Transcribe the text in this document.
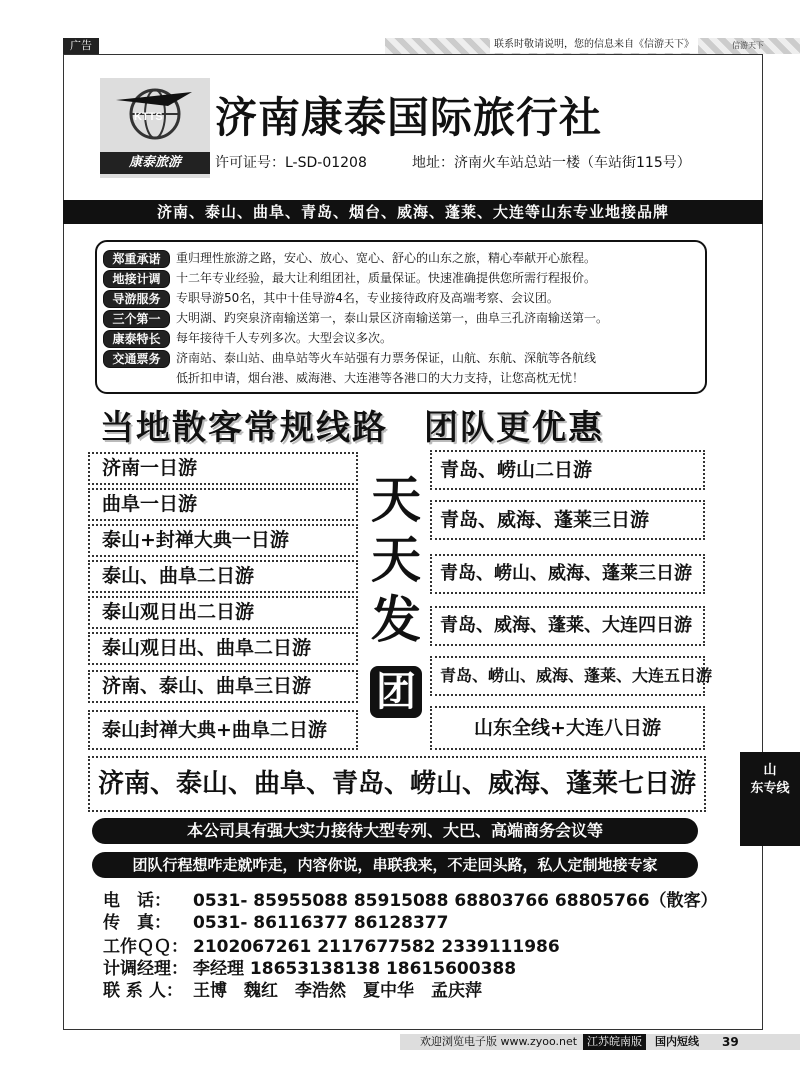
广告	联系时敬请说明，您的信息来自《信游天下》	信游天下
KTTS
康泰旅游
济南康泰国际旅行社
许可证号：L-SD-01208	地址：济南火车站总站一楼（车站街115号）
济南、泰山、曲阜、青岛、烟台、威海、蓬莱、大连等山东专业地接品牌
郑重承诺	重归理性旅游之路，安心、放心、宽心、舒心的山东之旅，精心奉献开心旅程。
地接计调	十二年专业经验，最大让利组团社，质量保证。快速准确提供您所需行程报价。
导游服务	专职导游50名，其中十佳导游4名，专业接待政府及高端考察、会议团。
三个第一	大明湖、趵突泉济南输送第一，泰山景区济南输送第一，曲阜三孔济南输送第一。
康泰特长	每年接待千人专列多次。大型会议多次。
交通票务	济南站、泰山站、曲阜站等火车站强有力票务保证，山航、东航、深航等各航线
低折扣申请，烟台港、威海港、大连港等各港口的大力支持，让您高枕无忧！
当地散客常规线路　团队更优惠
济南一日游
曲阜一日游
泰山+封禅大典一日游
泰山、曲阜二日游
泰山观日出二日游
泰山观日出、曲阜二日游
济南、泰山、曲阜三日游
泰山封禅大典+曲阜二日游
天
天
发
团
青岛、崂山二日游
青岛、威海、蓬莱三日游
青岛、崂山、威海、蓬莱三日游
青岛、威海、蓬莱、大连四日游
青岛、崂山、威海、蓬莱、大连五日游
山东全线+大连八日游
济南、泰山、曲阜、青岛、崂山、威海、蓬莱七日游
本公司具有强大实力接待大型专列、大巴、高端商务会议等
团队行程想咋走就咋走，内容你说，串联我来，不走回头路，私人定制地接专家
电　话： 0531- 85955088 85915088 68803766 68805766（散客）
传　真： 0531- 86116377 86128377
工作ＱＱ： 2102067261 2117677582 2339111986
计调经理： 李经理 18653138138 18615600388
联 系 人： 王博　魏红　李浩然　夏中华　孟庆萍
山
东专线
欢迎浏览电子版 www.zyoo.net 江苏皖南版	国内短线 39
